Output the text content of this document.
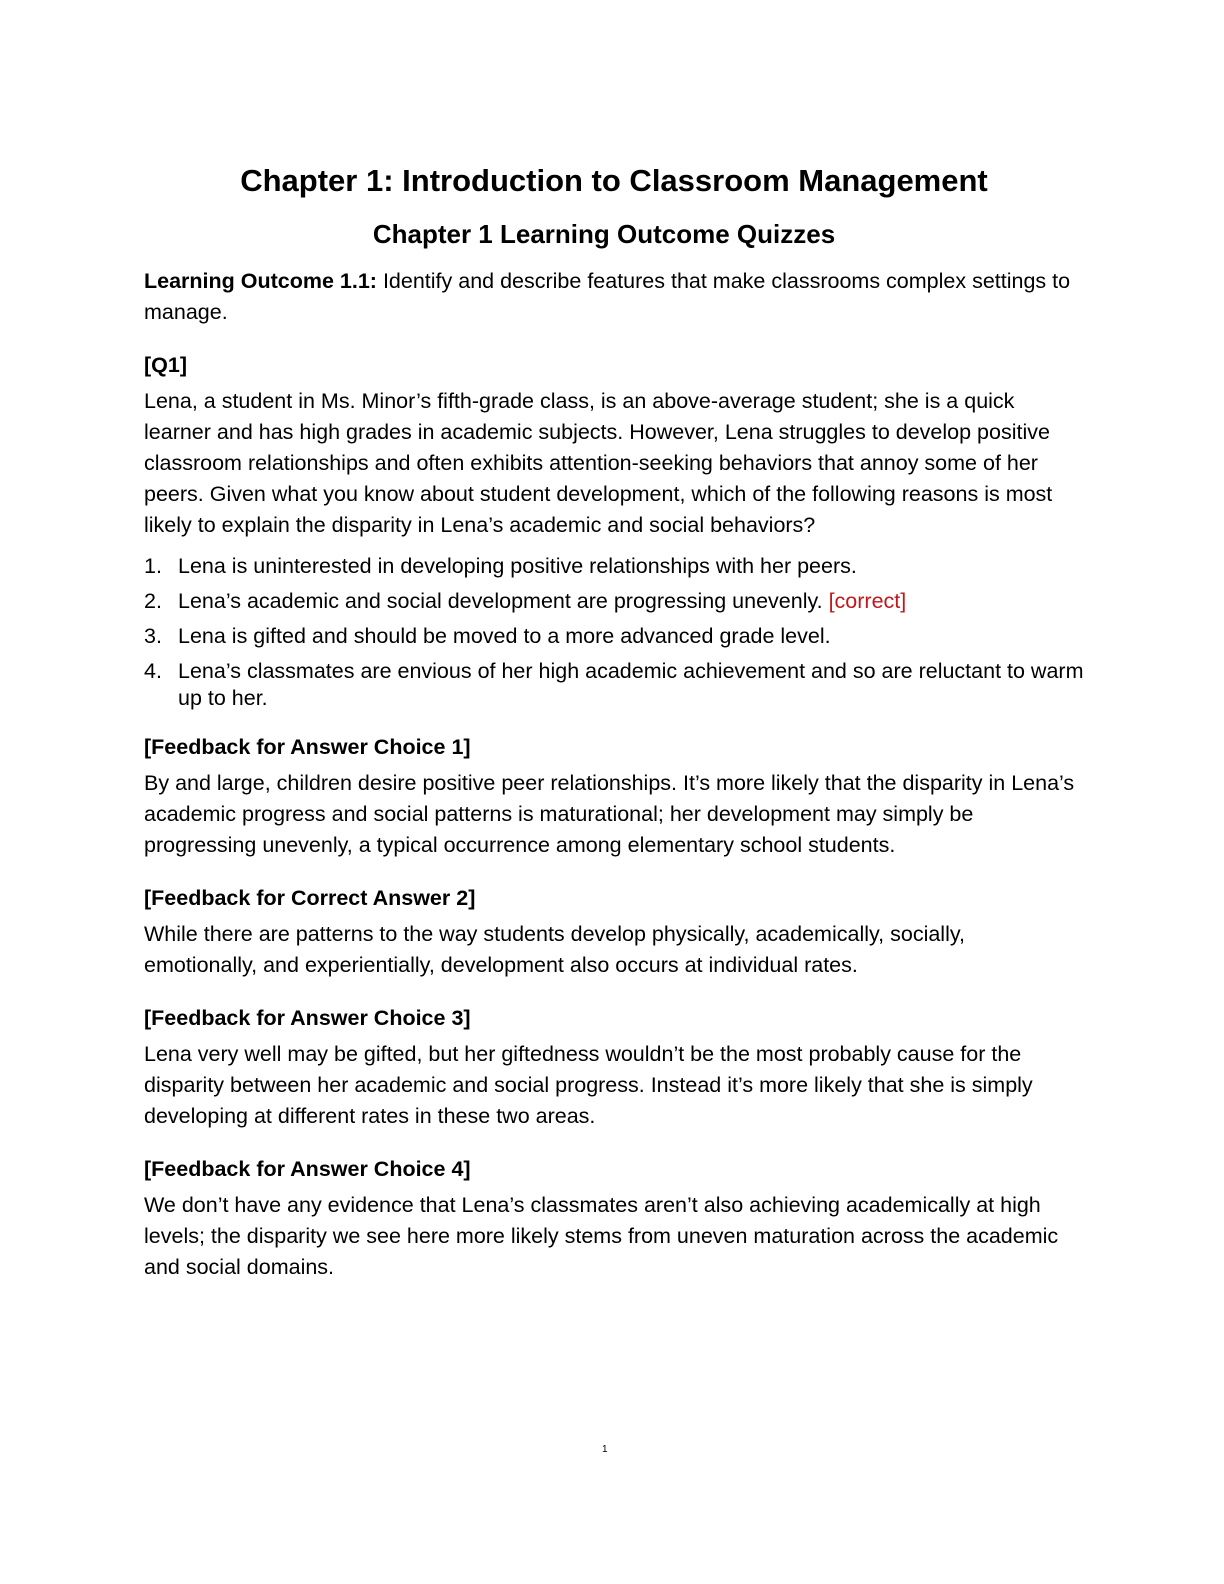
Chapter 1: Introduction to Classroom Management
Chapter 1 Learning Outcome Quizzes

Learning Outcome 1.1: Identify and describe features that make classrooms complex settings to manage.

[Q1]

Lena, a student in Ms. Minor’s fifth-grade class, is an above-average student; she is a quick learner and has high grades in academic subjects. However, Lena struggles to develop positive classroom relationships and often exhibits attention-seeking behaviors that annoy some of her peers. Given what you know about student development, which of the following reasons is most likely to explain the disparity in Lena’s academic and social behaviors?

1. Lena is uninterested in developing positive relationships with her peers.
2. Lena’s academic and social development are progressing unevenly. [correct]
3. Lena is gifted and should be moved to a more advanced grade level.
4. Lena’s classmates are envious of her high academic achievement and so are reluctant to warm up to her.

[Feedback for Answer Choice 1]

By and large, children desire positive peer relationships. It’s more likely that the disparity in Lena’s academic progress and social patterns is maturational; her development may simply be progressing unevenly, a typical occurrence among elementary school students.

[Feedback for Correct Answer 2]

While there are patterns to the way students develop physically, academically, socially, emotionally, and experientially, development also occurs at individual rates.

[Feedback for Answer Choice 3]

Lena very well may be gifted, but her giftedness wouldn’t be the most probably cause for the disparity between her academic and social progress. Instead it’s more likely that she is simply developing at different rates in these two areas.

[Feedback for Answer Choice 4]

We don’t have any evidence that Lena’s classmates aren’t also achieving academically at high levels; the disparity we see here more likely stems from uneven maturation across the academic and social domains.

1
